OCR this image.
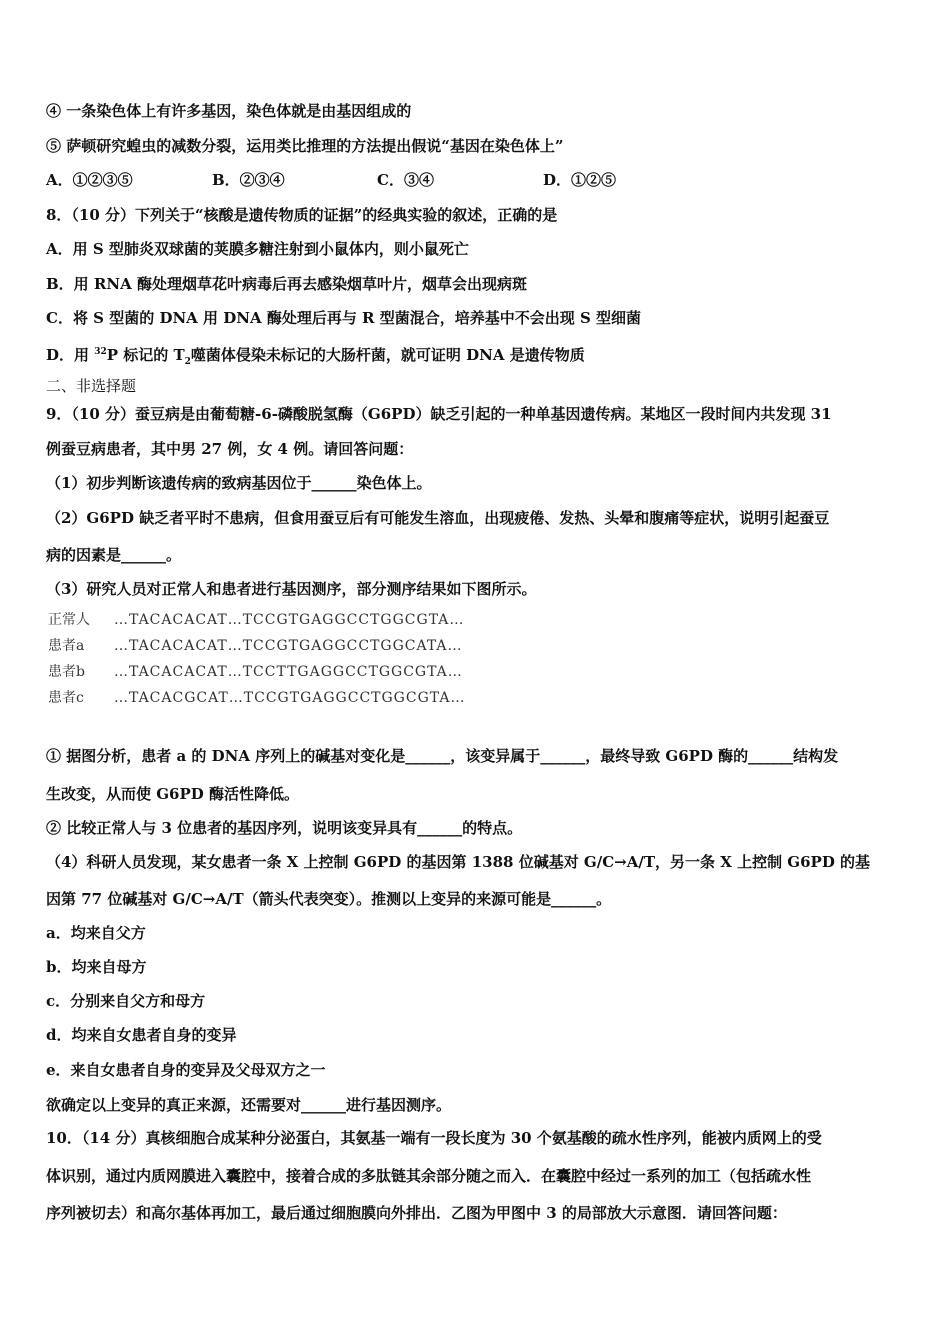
④ 一条染色体上有许多基因，染色体就是由基因组成的
⑤ 萨顿研究蝗虫的减数分裂，运用类比推理的方法提出假说“基因在染色体上”
A．①②③⑤	B．②③④	C．③④	D．①②⑤
8．（10 分）下列关于“核酸是遗传物质的证据”的经典实验的叙述，正确的是
A．用 S 型肺炎双球菌的荚膜多糖注射到小鼠体内，则小鼠死亡
B．用 RNA 酶处理烟草花叶病毒后再去感染烟草叶片，烟草会出现病斑
C．将 S 型菌的 DNA 用 DNA 酶处理后再与 R 型菌混合，培养基中不会出现 S 型细菌
D．用 $^{32}$P 标记的 $T_2$噬菌体侵染未标记的大肠杆菌，就可证明 DNA 是遗传物质
二、非选择题
9．（10 分）蚕豆病是由葡萄糖-6-磷酸脱氢酶（G6PD）缺乏引起的一种单基因遗传病。某地区一段时间内共发现 31
例蚕豆病患者，其中男 27 例，女 4 例。请回答问题：
（1）初步判断该遗传病的致病基因位于______染色体上。
（2）G6PD 缺乏者平时不患病，但食用蚕豆后有可能发生溶血，出现疲倦、发热、头晕和腹痛等症状，说明引起蚕豆
病的因素是______。
（3）研究人员对正常人和患者进行基因测序，部分测序结果如下图所示。
正常人 …TACACACAT…TCCGTGAGGCCTGGCGTA…
患者a …TACACACAT…TCCGTGAGGCCTGGCATA…
患者b …TACACACAT…TCCTTGAGGCCTGGCGTA…
患者c …TACACGCAT…TCCGTGAGGCCTGGCGTA…
① 据图分析，患者 a 的 DNA 序列上的碱基对变化是______，该变异属于______，最终导致 G6PD 酶的______结构发
生改变，从而使 G6PD 酶活性降低。
② 比较正常人与 3 位患者的基因序列，说明该变异具有______的特点。
（4）科研人员发现，某女患者一条 X 上控制 G6PD 的基因第 1388 位碱基对 G/C→A/T，另一条 X 上控制 G6PD 的基
因第 77 位碱基对 G/C→A/T（箭头代表突变）。推测以上变异的来源可能是______。
a．均来自父方
b．均来自母方
c．分别来自父方和母方
d．均来自女患者自身的变异
e．来自女患者自身的变异及父母双方之一
欲确定以上变异的真正来源，还需要对______进行基因测序。
10．（14 分）真核细胞合成某种分泌蛋白，其氨基一端有一段长度为 30 个氨基酸的疏水性序列，能被内质网上的受
体识别，通过内质网膜进入囊腔中，接着合成的多肽链其余部分随之而入．在囊腔中经过一系列的加工（包括疏水性
序列被切去）和高尔基体再加工，最后通过细胞膜向外排出．乙图为甲图中 3 的局部放大示意图．请回答问题：
